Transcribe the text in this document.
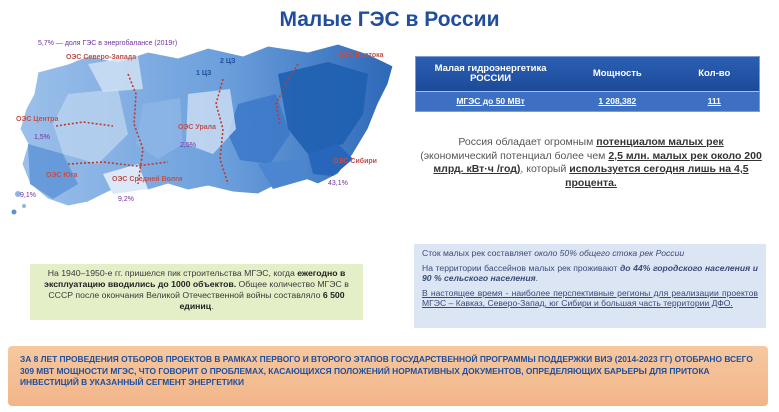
Малые ГЭС в России
5,7% — доля ГЭС в энергобалансе (2019г)
ОЭС Северо-Запада	ОЭС Востока
1 ЦЗ
2 ЦЗ
ОЭС Центра
1,5%
ОЭС Урала
2,5%
ОЭС Юга
ОЭС Средней Волги
ОЭС Сибири
43,1%
9,1%
9,2%
Малая гидроэнергетика РОССИИ	Мощность	Кол-во
МГЭС до 50 МВт	1 208,382	111
Россия обладает огромным потенциалом малых рек (экономический потенциал более чем 2,5 млн. малых рек около 200 млрд. кВт·ч /год), который используется сегодня лишь на 4,5 процента.

Сток малых рек составляет около 50% общего стока рек России

На территории бассейнов малых рек проживают до 44% городского населения и 90 % сельского населения.

В настоящее время - наиболее перспективные регионы для реализации проектов МГЭС – Кавказ, Северо-Запад, юг Сибири и большая часть территории ДФО.

На 1940–1950-е гг. пришелся пик строительства МГЭС, когда ежегодно в эксплуатацию вводились до 1000 объектов. Общее количество МГЭС в СССР после окончания Великой Отечественной войны составляло 6 500 единиц.
ЗА 8 ЛЕТ ПРОВЕДЕНИЯ ОТБОРОВ ПРОЕКТОВ В РАМКАХ ПЕРВОГО И ВТОРОГО ЭТАПОВ ГОСУДАРСТВЕННОЙ ПРОГРАММЫ ПОДДЕРЖКИ ВИЭ (2014-2023 ГГ) ОТОБРАНО ВСЕГО 309 МВТ МОЩНОСТИ МГЭС, ЧТО ГОВОРИТ О ПРОБЛЕМАХ, КАСАЮЩИХСЯ ПОЛОЖЕНИЙ НОРМАТИВНЫХ ДОКУМЕНТОВ, ОПРЕДЕЛЯЮЩИХ БАРЬЕРЫ ДЛЯ ПРИТОКА ИНВЕСТИЦИЙ В УКАЗАННЫЙ СЕГМЕНТ ЭНЕРГЕТИКИ
